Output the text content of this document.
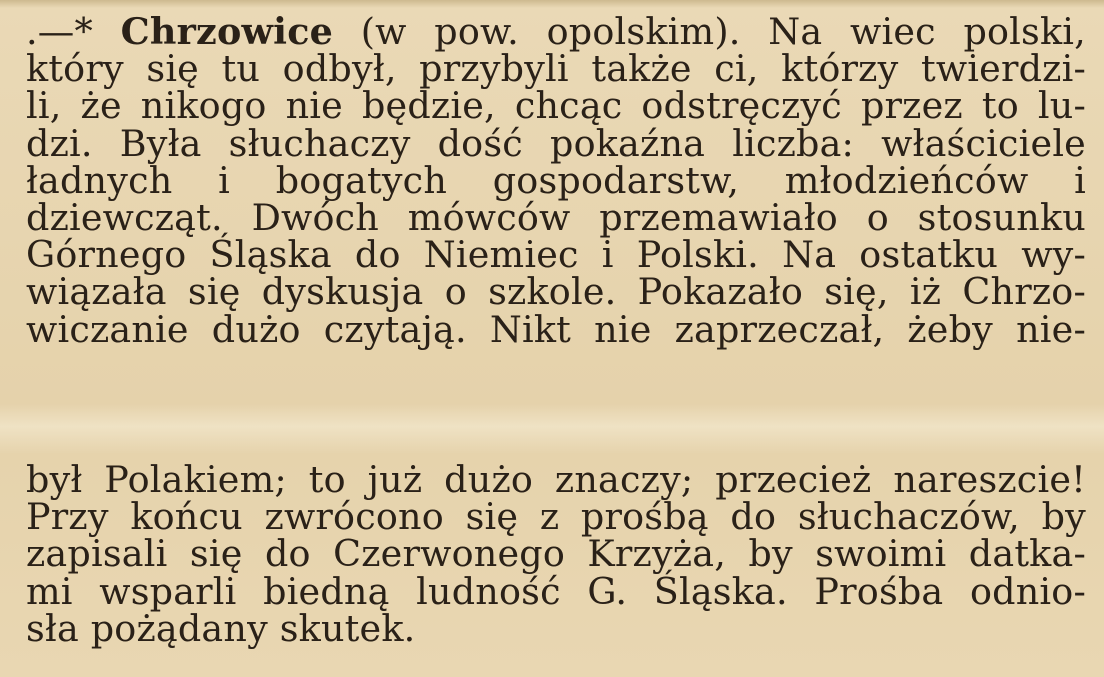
.—* Chrzowice (w pow. opolskim). Na wiec polski,
który się tu odbył, przybyli także ci, którzy twierdzi-
li, że nikogo nie będzie, chcąc odstręczyć przez to lu-
dzi. Była słuchaczy dość pokaźna liczba: właściciele
ładnych i bogatych gospodarstw, młodzieńców i
dziewcząt. Dwóch mówców przemawiało o stosunku
Górnego Śląska do Niemiec i Polski. Na ostatku wy-
wiązała się dyskusja o szkole. Pokazało się, iż Chrzo-
wiczanie dużo czytają. Nikt nie zaprzeczał, żeby nie-
był Polakiem; to już dużo znaczy; przecież nareszcie!
Przy końcu zwrócono się z prośbą do słuchaczów, by
zapisali się do Czerwonego Krzyża, by swoimi datka-
mi wsparli biedną ludność G. Śląska. Prośba odnio-
sła pożądany skutek.
